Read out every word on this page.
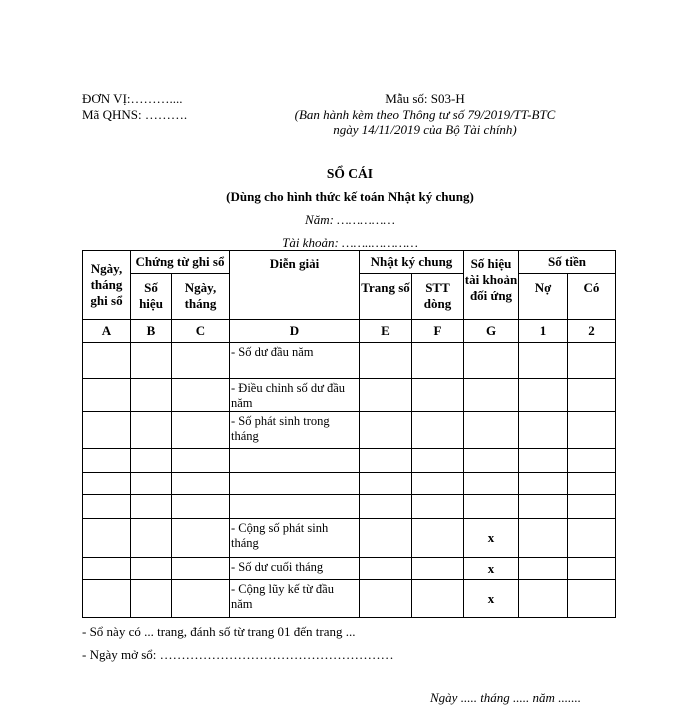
ĐƠN VỊ:………....
Mã QHNS: ……….
Mẫu số: S03-H
(Ban hành kèm theo Thông tư số 79/2019/TT-BTC
ngày 14/11/2019 của Bộ Tài chính)
SỔ CÁI
(Dùng cho hình thức kế toán Nhật ký chung)
Năm: ……………
Tài khoản: ……..…………
Ngày, tháng ghi sổ	Chứng từ ghi sổ		Diễn giải	Nhật ký chung		Số hiệu tài khoản đối ứng	Số tiền	
	Số hiệu	Ngày, tháng		Trang số	STT dòng		Nợ	Có
A	B	C	D	E	F	G	1	2
			- Số dư đầu năm					
			- Điều chỉnh số dư đầu năm					
			- Số phát sinh trong tháng					

			- Cộng số phát sinh tháng			x		
			- Số dư cuối tháng			x		
			- Cộng lũy kế từ đầu năm			x		
- Sổ này có ... trang, đánh số từ trang 01 đến trang ...
- Ngày mở sổ: ………………………………………………
Ngày ..... tháng ..... năm .......
